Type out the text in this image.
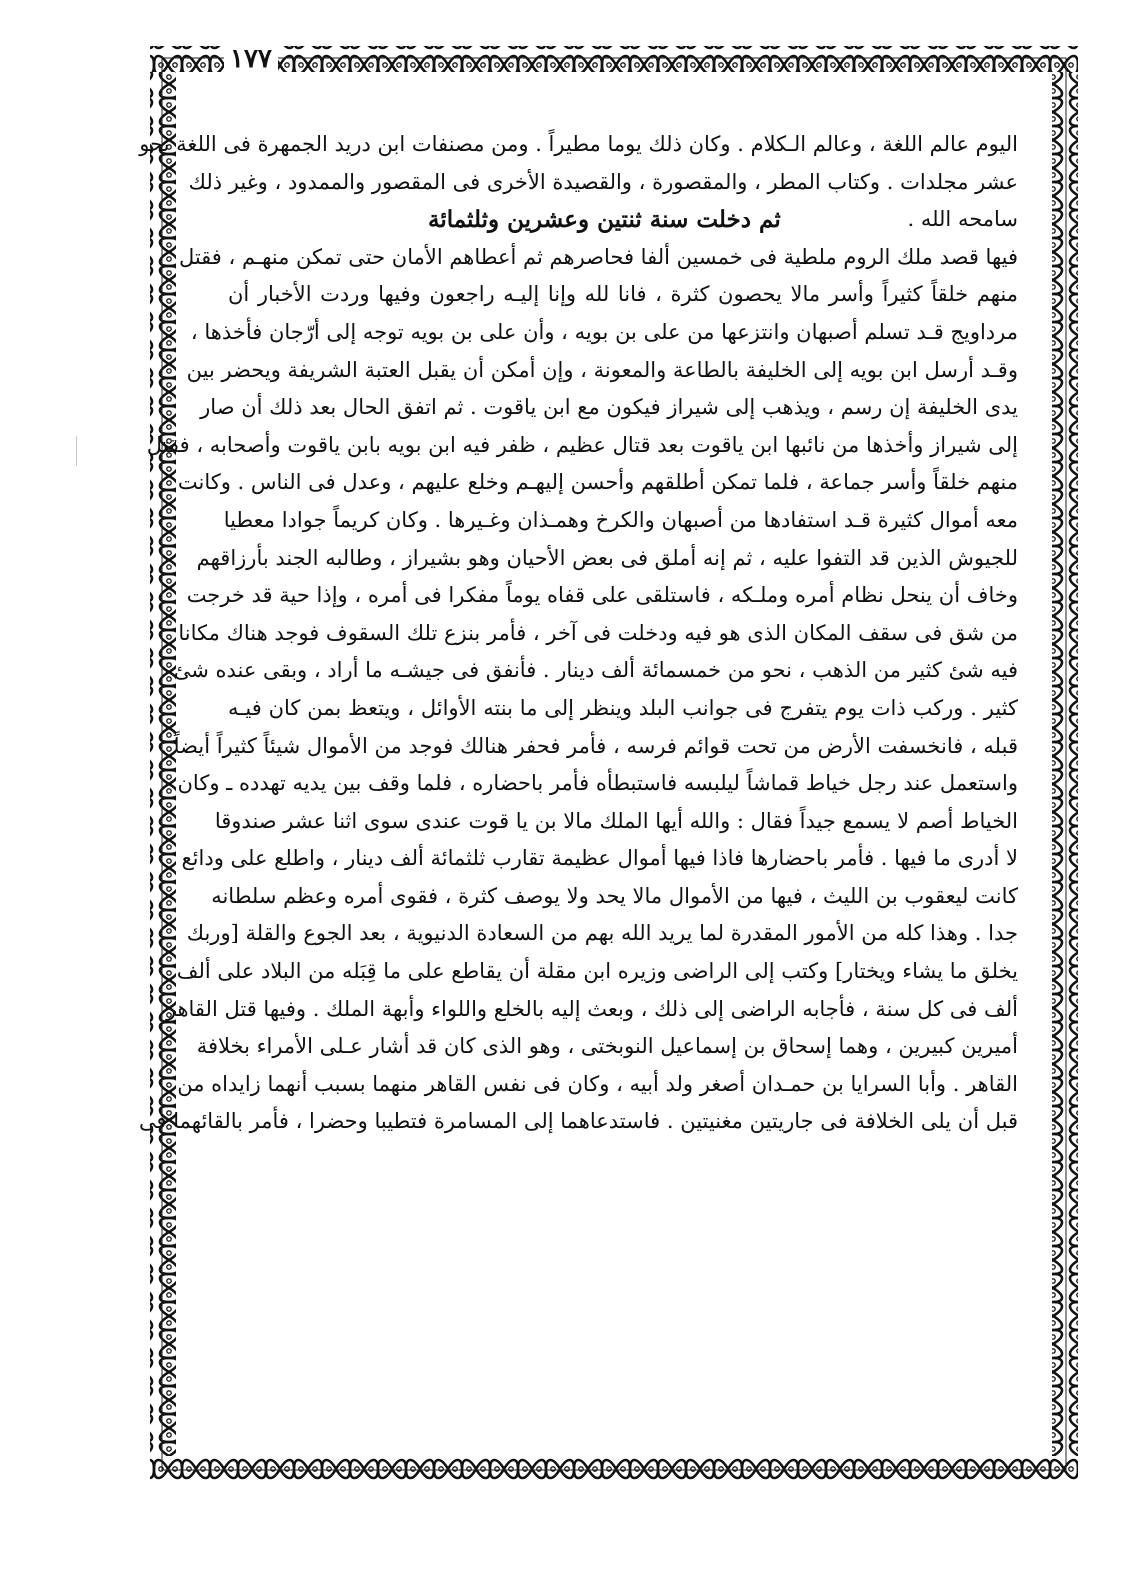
١٧٧
اليوم عالم اللغة ، وعالم الـكلام . وكان ذلك يوما مطيراً . ومن مصنفات ابن دريد الجمهرة فى اللغة نحو
عشر مجلدات . وكتاب المطر ، والمقصورة ، والقصيدة الأخرى فى المقصور والممدود ، وغير ذلك
سامحه الله .
ثم دخلت سنة ثنتين وعشرين وثلثمائة
فيها قصد ملك الروم ملطية فى خمسين ألفا فحاصرهم ثم أعطاهم الأمان حتى تمكن منهـم ، فقتل
منهم خلقاً كثيراً وأسر مالا يحصون كثرة ، فانا لله وإنا إليـه راجعون وفيها وردت الأخبار أن
مرداويج قـد تسلم أصبهان وانتزعها من على بن بويه ، وأن على بن بويه توجه إلى أرّجان فأخذها ،
وقـد أرسل ابن بويه إلى الخليفة بالطاعة والمعونة ، وإن أمكن أن يقبل العتبة الشريفة ويحضر بين
يدى الخليفة إن رسم ، ويذهب إلى شيراز فيكون مع ابن ياقوت . ثم اتفق الحال بعد ذلك أن صار
إلى شيراز وأخذها من نائبها ابن ياقوت بعد قتال عظيم ، ظفر فيه ابن بويه بابن ياقوت وأصحابه ، فقتل
منهم خلقاً وأسر جماعة ، فلما تمكن أطلقهم وأحسن إليهـم وخلع عليهم ، وعدل فى الناس . وكانت
معه أموال كثيرة قـد استفادها من أصبهان والكرخ وهمـذان وغـيرها . وكان كريماً جوادا معطيا
للجيوش الذين قد التفوا عليه ، ثم إنه أملق فى بعض الأحيان وهو بشيراز ، وطالبه الجند بأرزاقهم
وخاف أن ينحل نظام أمره وملـكه ، فاستلقى على قفاه يوماً مفكرا فى أمره ، وإذا حية قد خرجت
من شق فى سقف المكان الذى هو فيه ودخلت فى آخر ، فأمر بنزع تلك السقوف فوجد هناك مكانا
فيه شئ كثير من الذهب ، نحو من خمسمائة ألف دينار . فأنفق فى جيشـه ما أراد ، وبقى عنده شئ
كثير . وركب ذات يوم يتفرج فى جوانب البلد وينظر إلى ما بنته الأوائل ، ويتعظ بمن كان فيـه
قبله ، فانخسفت الأرض من تحت قوائم فرسه ، فأمر فحفر هنالك فوجد من الأموال شيئاً كثيراً أيضاً .
واستعمل عند رجل خياط قماشاً ليلبسه فاستبطأه فأمر باحضاره ، فلما وقف بين يديه تهدده ـ وكان
الخياط أصم لا يسمع جيداً فقال : والله أيها الملك مالا بن يا قوت عندى سوى اثنا عشر صندوقا
لا أدرى ما فيها . فأمر باحضارها فاذا فيها أموال عظيمة تقارب ثلثمائة ألف دينار ، واطلع على ودائع
كانت ليعقوب بن الليث ، فيها من الأموال مالا يحد ولا يوصف كثرة ، فقوى أمره وعظم سلطانه
جدا . وهذا كله من الأمور المقدرة لما يريد الله بهم من السعادة الدنيوية ، بعد الجوع والقلة [وربك
يخلق ما يشاء ويختار] وكتب إلى الراضى وزيره ابن مقلة أن يقاطع على ما قِبَله من البلاد على ألف
ألف فى كل سنة ، فأجابه الراضى إلى ذلك ، وبعث إليه بالخلع واللواء وأبهة الملك . وفيها قتل القاهر
أميرين كبيرين ، وهما إسحاق بن إسماعيل النوبختى ، وهو الذى كان قد أشار عـلى الأمراء بخلافة
القاهر . وأبا السرايا بن حمـدان أصغر ولد أبيه ، وكان فى نفس القاهر منهما بسبب أنهما زايداه من
قبل أن يلى الخلافة فى جاريتين مغنيتين . فاستدعاهما إلى المسامرة فتطيبا وحضرا ، فأمر بالقائهما فى
